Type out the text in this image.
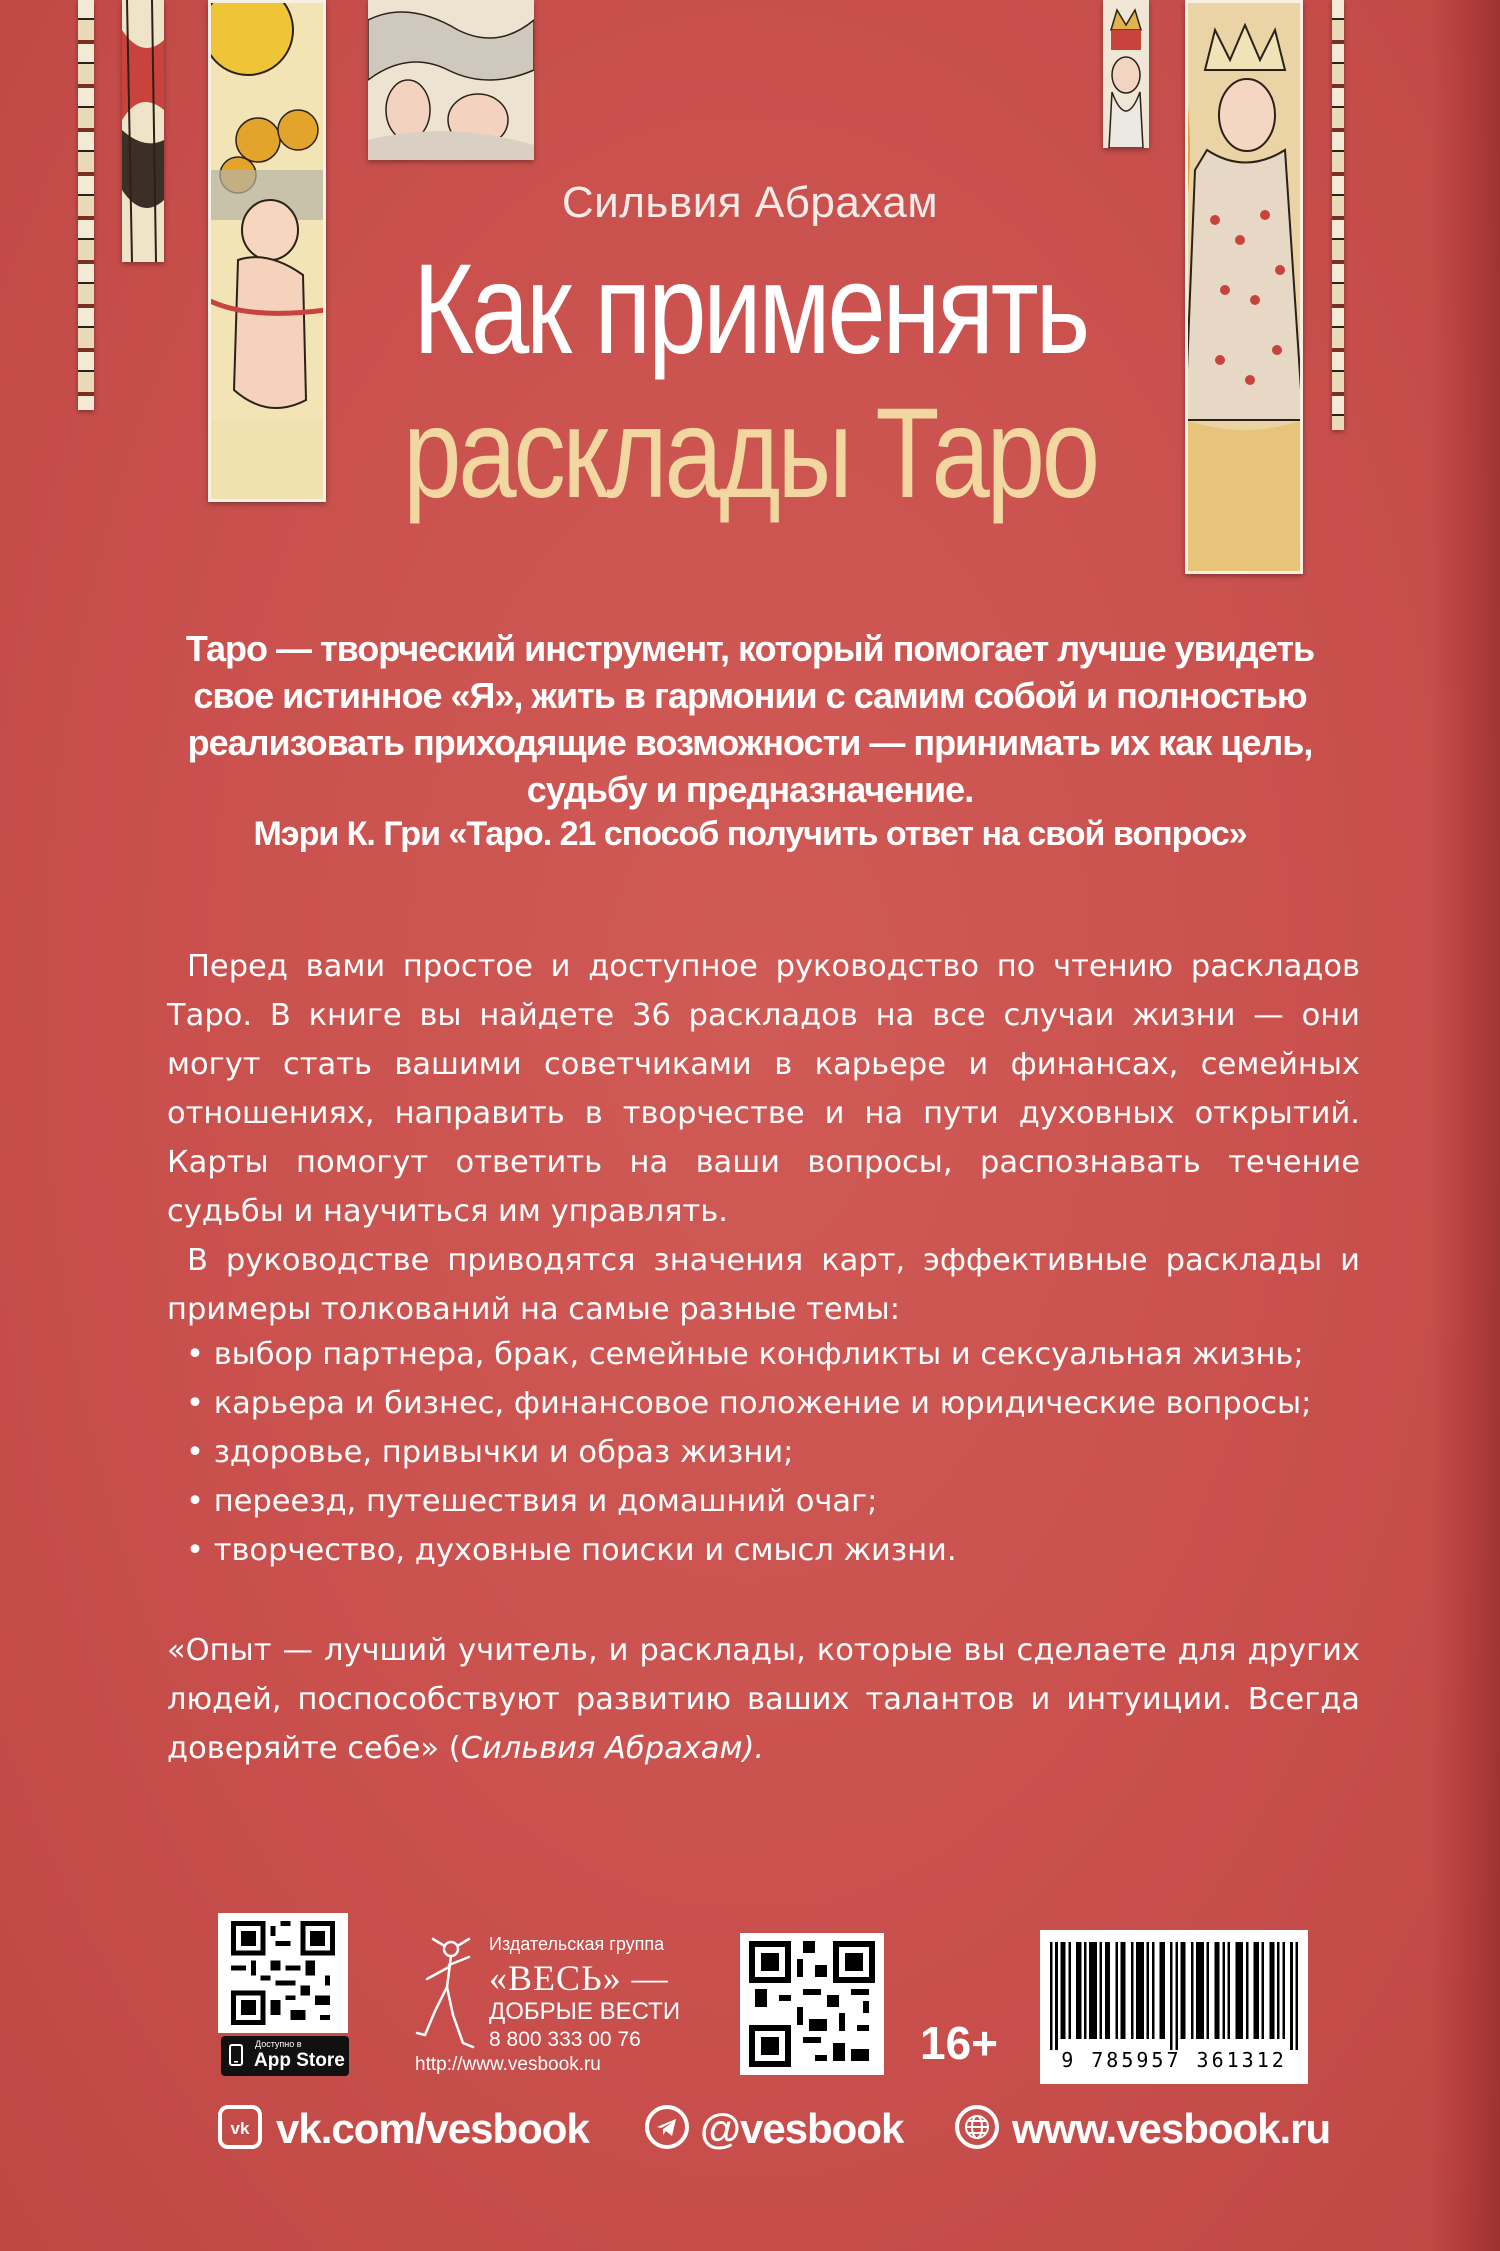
Сильвия Абрахам
Как применять
расклады Таро
Таро — творческий инструмент, который помогает лучше увидеть свое истинное «Я», жить в гармонии с самим собой и полностью реализовать приходящие возможности — принимать их как цель, судьбу и предназначение.
Мэри К. Гри «Таро. 21 способ получить ответ на свой вопрос»

Перед вами простое и доступное руководство по чтению раскладов Таро. В книге вы найдете 36 раскладов на все случаи жизни — они могут стать вашими советчиками в карьере и финансах, семейных отношениях, направить в творчестве и на пути духовных открытий. Карты помогут ответить на ваши вопросы, распознавать течение судьбы и научиться им управлять.

В руководстве приводятся значения карт, эффективные расклады и примеры толкований на самые разные темы:

• выбор партнера, брак, семейные конфликты и сексуальная жизнь;
• карьера и бизнес, финансовое положение и юридические вопросы;
• здоровье, привычки и образ жизни;
• переезд, путешествия и домашний очаг;
• творчество, духовные поиски и смысл жизни.
«Опыт — лучший учитель, и расклады, которые вы сделаете для других людей, поспособствуют развитию ваших талантов и интуиции. Всегда доверяйте себе» (Сильвия Абрахам).
Доступно в
App Store
Издательская группа
«ВЕСЬ» —
ДОБРЫЕ ВЕСТИ
8 800 333 00 76
http://www.vesbook.ru	16+	9 785957 361312
vk vk.com/vesbook	@vesbook	www.vesbook.ru
